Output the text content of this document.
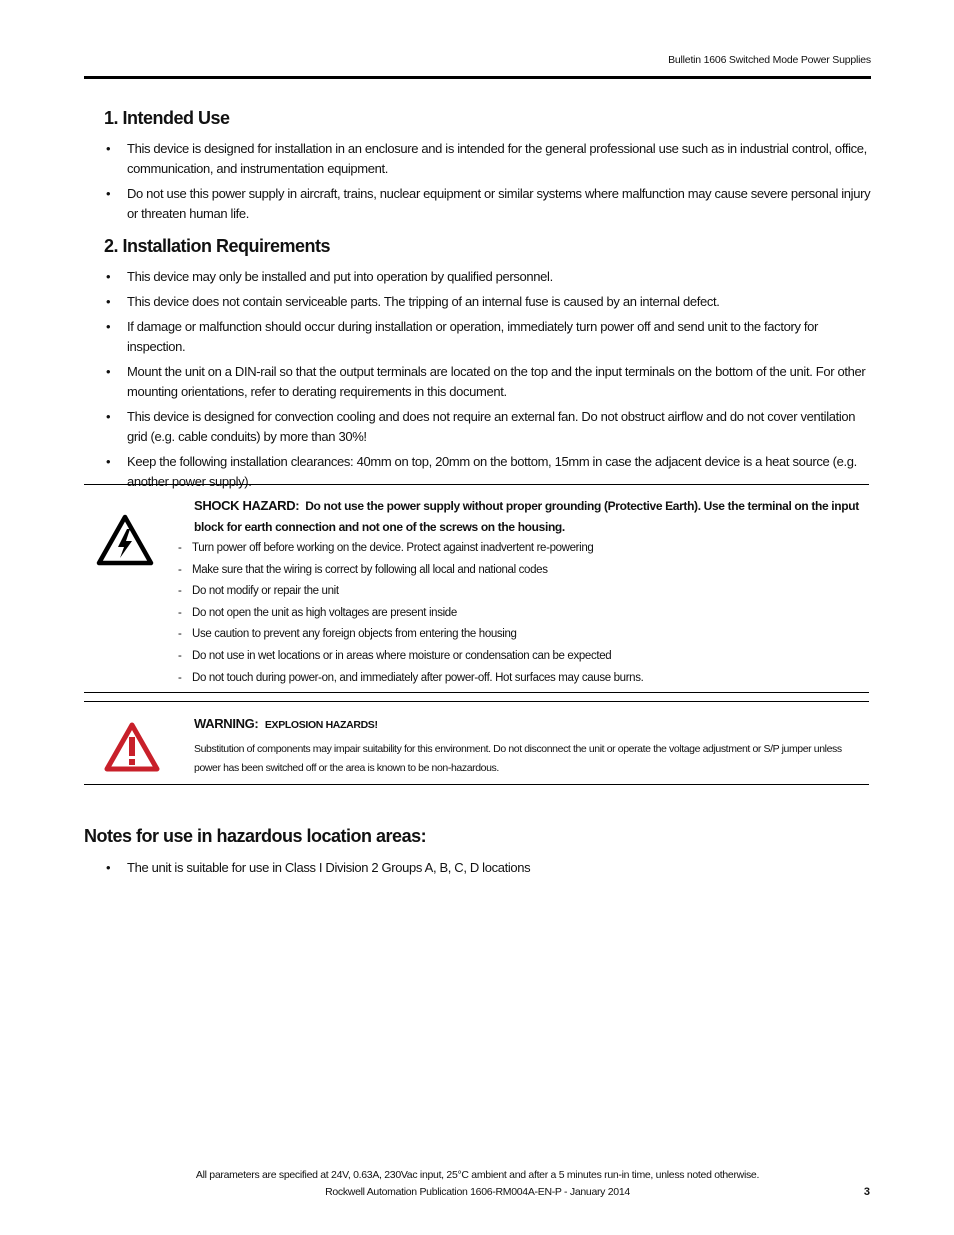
Bulletin 1606 Switched Mode Power Supplies
1. Intended Use
• This device is designed for installation in an enclosure and is intended for the general professional use such as in industrial control, office, communication, and instrumentation equipment.
• Do not use this power supply in aircraft, trains, nuclear equipment or similar systems where malfunction may cause severe personal injury or threaten human life.
2. Installation Requirements
• This device may only be installed and put into operation by qualified personnel.
• This device does not contain serviceable parts. The tripping of an internal fuse is caused by an internal defect.
• If damage or malfunction should occur during installation or operation, immediately turn power off and send unit to the factory for inspection.
• Mount the unit on a DIN-rail so that the output terminals are located on the top and the input terminals on the bottom of the unit. For other mounting orientations, refer to derating requirements in this document.
• This device is designed for convection cooling and does not require an external fan. Do not obstruct airflow and do not cover ventilation grid (e.g. cable conduits) by more than 30%!
• Keep the following installation clearances: 40mm on top, 20mm on the bottom, 15mm in case the adjacent device is a heat source (e.g. another power supply).
SHOCK HAZARD: Do not use the power supply without proper grounding (Protective Earth). Use the terminal on the input block for earth connection and not one of the screws on the housing.
- Turn power off before working on the device. Protect against inadvertent re-powering
- Make sure that the wiring is correct by following all local and national codes
- Do not modify or repair the unit
- Do not open the unit as high voltages are present inside
- Use caution to prevent any foreign objects from entering the housing
- Do not use in wet locations or in areas where moisture or condensation can be expected
- Do not touch during power-on, and immediately after power-off. Hot surfaces may cause burns.
WARNING: EXPLOSION HAZARDS!
Substitution of components may impair suitability for this environment. Do not disconnect the unit or operate the voltage adjustment or S/P jumper unless power has been switched off or the area is known to be non-hazardous.
Notes for use in hazardous location areas:
• The unit is suitable for use in Class I Division 2 Groups A, B, C, D locations
All parameters are specified at 24V, 0.63A, 230Vac input, 25°C ambient and after a 5 minutes run-in time, unless noted otherwise.
Rockwell Automation Publication 1606-RM004A-EN-P - January 2014	3
